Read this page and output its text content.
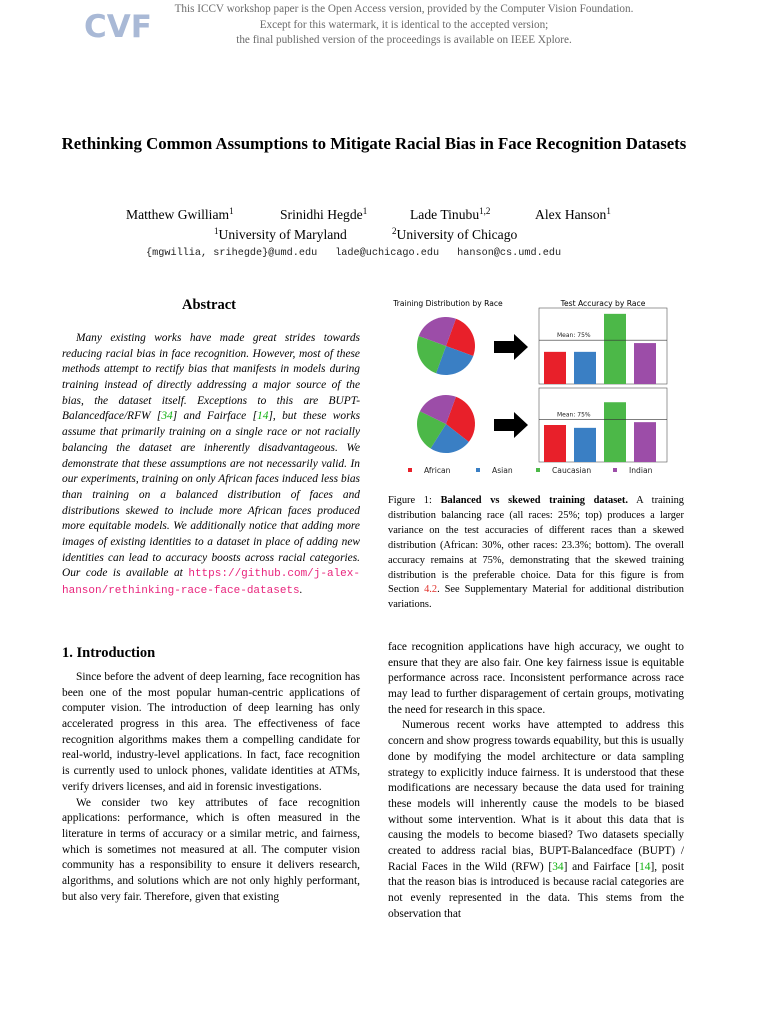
CVF	This ICCV workshop paper is the Open Access version, provided by the Computer Vision Foundation.
Except for this watermark, it is identical to the accepted version;
the final published version of the proceedings is available on IEEE Xplore.
Rethinking Common Assumptions to Mitigate Racial Bias in Face Recognition Datasets
Matthew Gwilliam$^1$	Srinidhi Hegde$^1$	Lade Tinubu$^{1,2}$	Alex Hanson$^1$
$^1$University of Maryland	$^2$University of Chicago
{mgwillia, srihegde}@umd.edu lade@uchicago.edu hanson@cs.umd.edu
Abstract
Many existing works have made great strides towards reducing racial bias in face recognition. However, most of these methods attempt to rectify bias that manifests in models during training instead of directly addressing a major source of the bias, the dataset itself. Exceptions to this are BUPT-Balancedface/RFW [34] and Fairface [14], but these works assume that primarily training on a single race or not racially balancing the dataset are inherently disadvantageous. We demonstrate that these assumptions are not necessarily valid. In our experiments, training on only African faces induced less bias than training on a balanced distribution of faces and distributions skewed to include more African faces produced more equitable models. We additionally notice that adding more images of existing identities to a dataset in place of adding new identities can lead to accuracy boosts across racial categories. Our code is available at https://github.com/j-alex-hanson/rethinking-race-face-datasets.
Training Distribution by Race	Test Accuracy by Race
Mean: 75%
Mean: 75%
African	Asian	Caucasian	Indian
Figure 1: Balanced vs skewed training dataset. A training distribution balancing race (all races: 25%; top) produces a larger variance on the test accuracies of different races than a skewed distribution (African: 30%, other races: 23.3%; bottom). The overall accuracy remains at 75%, demonstrating that the skewed training distribution is the preferable choice. Data for this figure is from Section 4.2. See Supplementary Material for additional distribution variations.
1. Introduction

Since before the advent of deep learning, face recognition has been one of the most popular human-centric applications of computer vision. The introduction of deep learning has only accelerated progress in this area. The effectiveness of face recognition algorithms makes them a compelling candidate for real-world, industry-level applications. In fact, face recognition is currently used to unlock phones, validate identities at ATMs, verify drivers licenses, and aid in forensic investigations.

We consider two key attributes of face recognition applications: performance, which is often measured in the literature in terms of accuracy or a similar metric, and fairness, which is sometimes not measured at all. The computer vision community has a responsibility to ensure it delivers research, algorithms, and solutions which are not only highly performant, but also very fair. Therefore, given that existing

face recognition applications have high accuracy, we ought to ensure that they are also fair. One key fairness issue is equitable performance across race. Inconsistent performance across race may lead to further disparagement of certain groups, motivating the need for research in this space.

Numerous recent works have attempted to address this concern and show progress towards equability, but this is usually done by modifying the model architecture or data sampling strategy to explicitly induce fairness. It is understood that these modifications are necessary because the data used for training these models will inherently cause the models to be biased without some intervention. What is it about this data that is causing the models to become biased? Two datasets specially created to address racial bias, BUPT-Balancedface (BUPT) / Racial Faces in the Wild (RFW) [34] and Fairface [14], posit that the reason bias is introduced is because racial categories are not evenly represented in the data. This stems from the observation that
